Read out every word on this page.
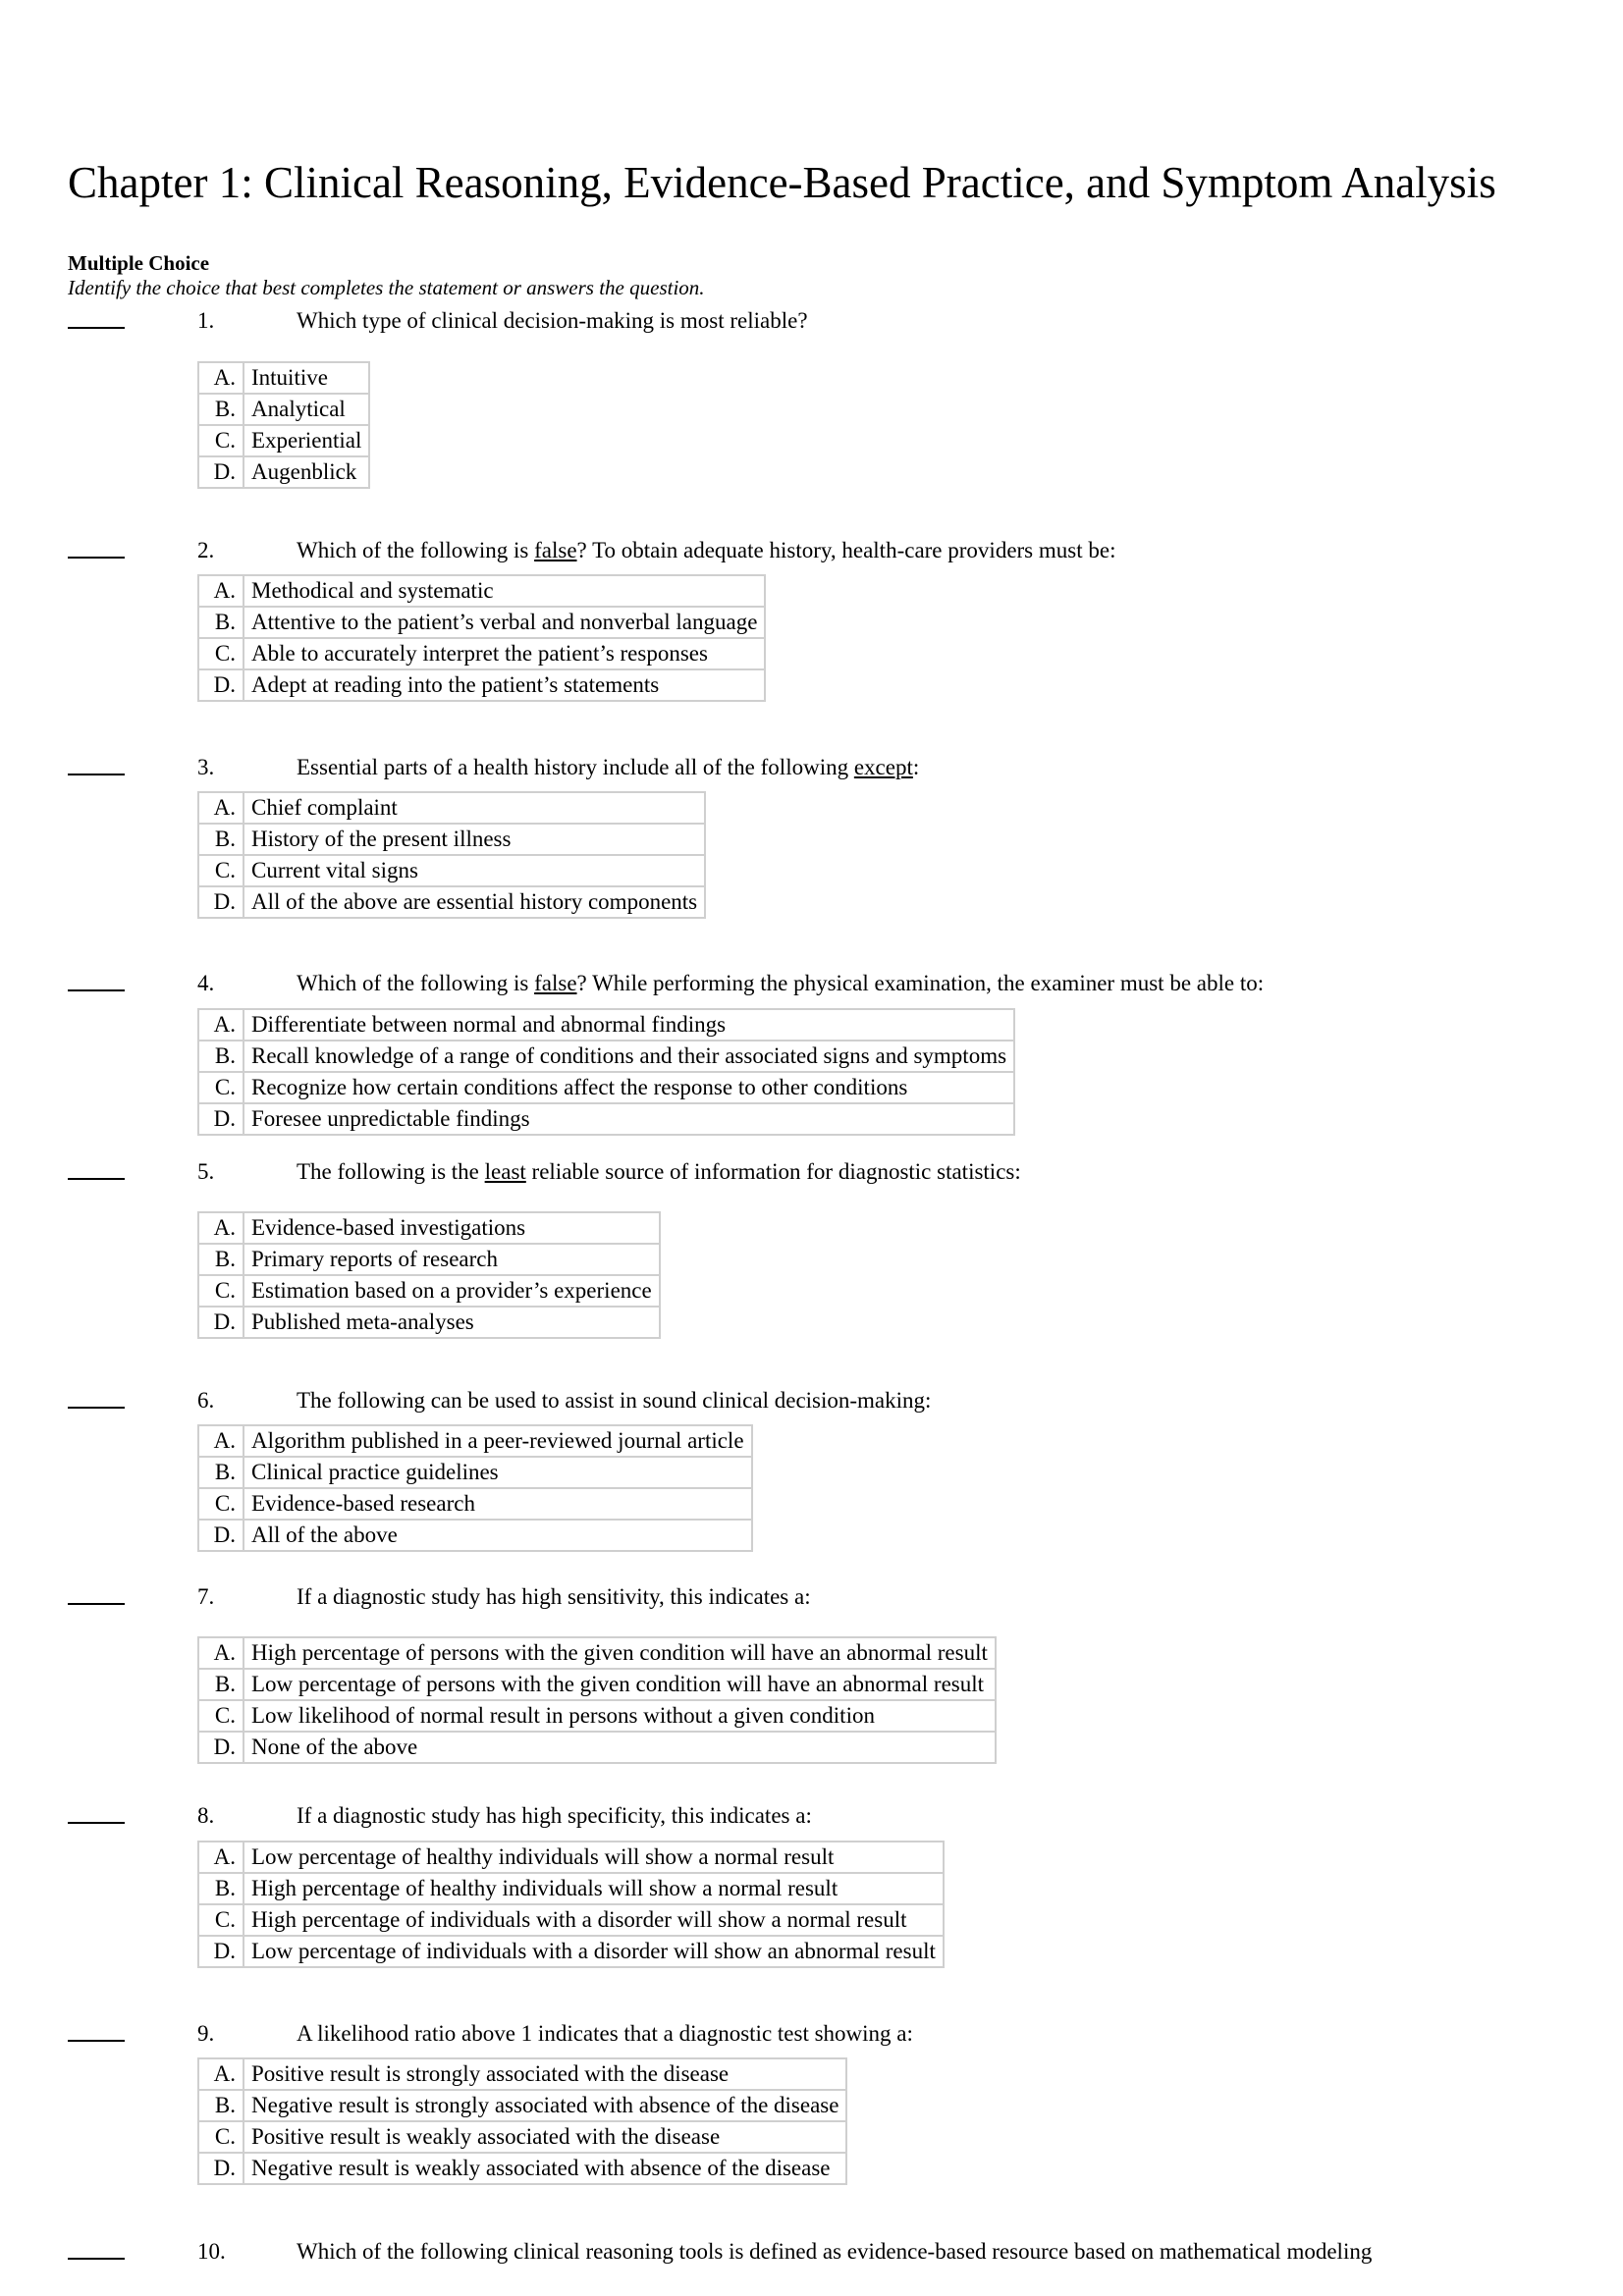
Chapter 1: Clinical Reasoning, Evidence-Based Practice, and Symptom Analysis
Multiple Choice
Identify the choice that best completes the statement or answers the question.
1.	Which type of clinical decision-making is most reliable?
A.	Intuitive
B.	Analytical
C.	Experiential
D.	Augenblick
2.	Which of the following is false? To obtain adequate history, health-care providers must be:
A.	Methodical and systematic
B.	Attentive to the patient’s verbal and nonverbal language
C.	Able to accurately interpret the patient’s responses
D.	Adept at reading into the patient’s statements
3.	Essential parts of a health history include all of the following except:
A.	Chief complaint
B.	History of the present illness
C.	Current vital signs
D.	All of the above are essential history components
4.	Which of the following is false? While performing the physical examination, the examiner must be able to:
A.	Differentiate between normal and abnormal findings
B.	Recall knowledge of a range of conditions and their associated signs and symptoms
C.	Recognize how certain conditions affect the response to other conditions
D.	Foresee unpredictable findings
5.	The following is the least reliable source of information for diagnostic statistics:
A.	Evidence-based investigations
B.	Primary reports of research
C.	Estimation based on a provider’s experience
D.	Published meta-analyses
6.	The following can be used to assist in sound clinical decision-making:
A.	Algorithm published in a peer-reviewed journal article
B.	Clinical practice guidelines
C.	Evidence-based research
D.	All of the above
7.	If a diagnostic study has high sensitivity, this indicates a:
A.	High percentage of persons with the given condition will have an abnormal result
B.	Low percentage of persons with the given condition will have an abnormal result
C.	Low likelihood of normal result in persons without a given condition
D.	None of the above
8.	If a diagnostic study has high specificity, this indicates a:
A.	Low percentage of healthy individuals will show a normal result
B.	High percentage of healthy individuals will show a normal result
C.	High percentage of individuals with a disorder will show a normal result
D.	Low percentage of individuals with a disorder will show an abnormal result
9.	A likelihood ratio above 1 indicates that a diagnostic test showing a:
A.	Positive result is strongly associated with the disease
B.	Negative result is strongly associated with absence of the disease
C.	Positive result is weakly associated with the disease
D.	Negative result is weakly associated with absence of the disease
10.	Which of the following clinical reasoning tools is defined as evidence-based resource based on mathematical modeling
